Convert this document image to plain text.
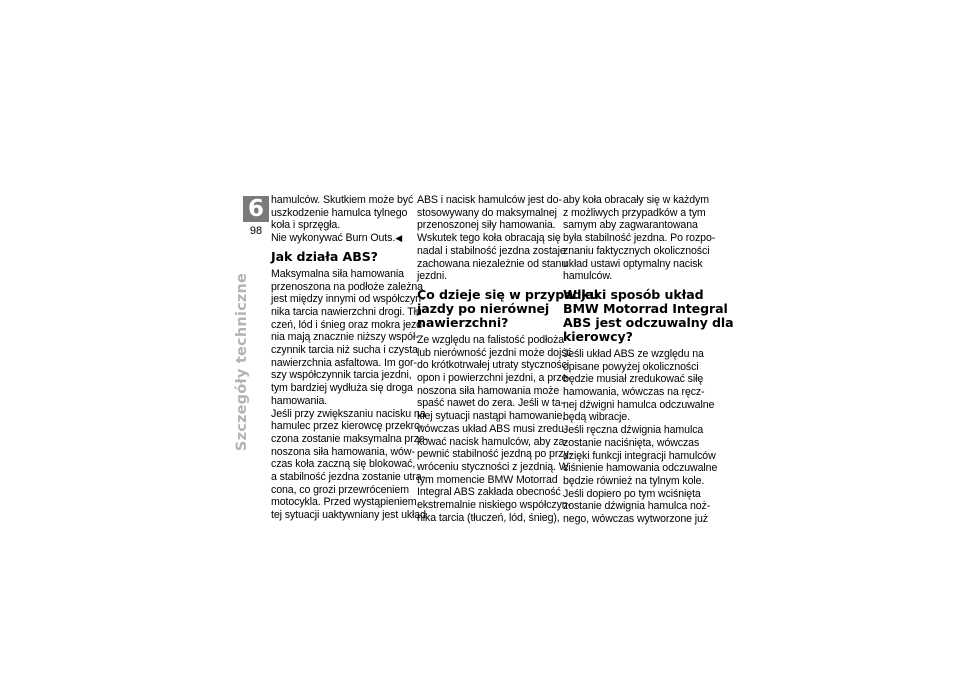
6
98
Szczegóły techniczne

hamulców. Skutkiem może być

uszkodzenie hamulca tylnego

koła i sprzęgła.

Nie wykonywać Burn Outs.◀

Jak działa ABS?

Maksymalna siła hamowania

przenoszona na podłoże zależna

jest między innymi od współczyn-

nika tarcia nawierzchni drogi. Tłu-

czeń, lód i śnieg oraz mokra jezd-

nia mają znacznie niższy współ-

czynnik tarcia niż sucha i czysta

nawierzchnia asfaltowa. Im gor-

szy współczynnik tarcia jezdni,

tym bardziej wydłuża się droga

hamowania.

Jeśli przy zwiększaniu nacisku na

hamulec przez kierowcę przekro-

czona zostanie maksymalna prze-

noszona siła hamowania, wów-

czas koła zaczną się blokować,

a stabilność jezdna zostanie utra-

cona, co grozi przewróceniem

motocykla. Przed wystąpieniem

tej sytuacji uaktywniany jest układ

ABS i nacisk hamulców jest do-

stosowywany do maksymalnej

przenoszonej siły hamowania.

Wskutek tego koła obracają się

nadal i stabilność jezdna zostaje

zachowana niezależnie od stanu

jezdni.

Co dzieje się w przypadku
jazdy po nierównej
nawierzchni?

Ze względu na falistość podłoża

lub nierówność jezdni może dojść

do krótkotrwałej utraty styczności

opon i powierzchni jezdni, a prze-

noszona siła hamowania może

spaść nawet do zera. Jeśli w ta-

kiej sytuacji nastąpi hamowanie,

wówczas układ ABS musi zredu-

kować nacisk hamulców, aby za-

pewnić stabilność jezdną po przy-

wróceniu styczności z jezdnią. W

tym momencie BMW Motorrad

Integral ABS zakłada obecność

ekstremalnie niskiego współczyn-

nika tarcia (tłuczeń, lód, śnieg),

aby koła obracały się w każdym

z możliwych przypadków a tym

samym aby zagwarantowana

była stabilność jezdna. Po rozpo-

znaniu faktycznych okoliczności

układ ustawi optymalny nacisk

hamulców.

W jaki sposób układ
BMW Motorrad Integral
ABS jest odczuwalny dla
kierowcy?

Jeśli układ ABS ze względu na

opisane powyżej okoliczności

będzie musiał zredukować siłę

hamowania, wówczas na ręcz-

nej dźwigni hamulca odczuwalne

będą wibracje.

Jeśli ręczna dźwignia hamulca

zostanie naciśnięta, wówczas

dzięki funkcji integracji hamulców

ciśnienie hamowania odczuwalne

będzie również na tylnym kole.

Jeśli dopiero po tym wciśnięta

zostanie dźwignia hamulca noż-

nego, wówczas wytworzone już
